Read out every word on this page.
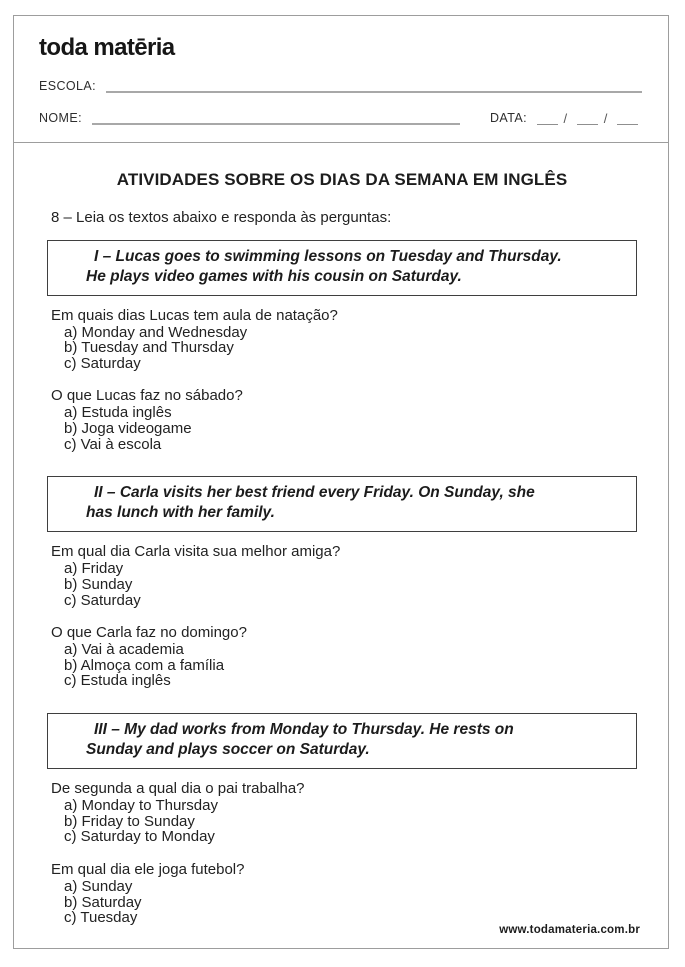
toda matēria
ESCOLA:
NOME:	DATA:	/	/
ATIVIDADES SOBRE OS DIAS DA SEMANA EM INGLÊS

8 – Leia os textos abaixo e responda às perguntas:

I – Lucas goes to swimming lessons on Tuesday and Thursday.
He plays video games with his cousin on Saturday.
Em quais dias Lucas tem aula de natação?
a) Monday and Wednesday
b) Tuesday and Thursday
c) Saturday
O que Lucas faz no sábado?
a) Estuda inglês
b) Joga videogame
c) Vai à escola
II – Carla visits her best friend every Friday. On Sunday, she
has lunch with her family.
Em qual dia Carla visita sua melhor amiga?
a) Friday
b) Sunday
c) Saturday
O que Carla faz no domingo?
a) Vai à academia
b) Almoça com a família
c) Estuda inglês
III – My dad works from Monday to Thursday. He rests on
Sunday and plays soccer on Saturday.
De segunda a qual dia o pai trabalha?
a) Monday to Thursday
b) Friday to Sunday
c) Saturday to Monday
Em qual dia ele joga futebol?
a) Sunday
b) Saturday
c) Tuesday
www.todamateria.com.br
